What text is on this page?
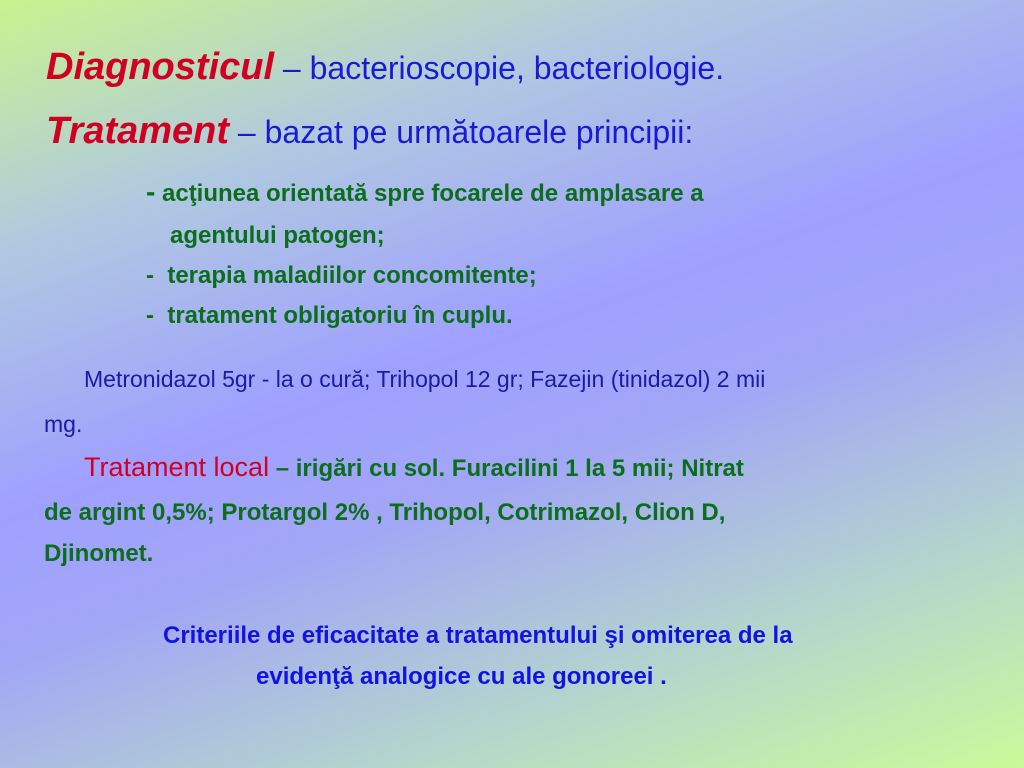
Diagnosticul – bacterioscopie, bacteriologie.
Tratament – bazat pe următoarele principii:
- acţiunea orientată spre focarele de amplasare a
agentului patogen;
-  terapia maladiilor concomitente;
-  tratament obligatoriu în cuplu.
Metronidazol 5gr - la o cură; Trihopol 12 gr; Fazejin (tinidazol) 2 mii
mg.
Tratament local – irigări cu sol. Furacilini 1 la 5 mii; Nitrat
de argint 0,5%; Protargol 2% , Trihopol, Cotrimazol, Clion D,
Djinomet.
Criteriile de eficacitate a tratamentului şi omiterea de la
evidenţă analogice cu ale gonoreei .
